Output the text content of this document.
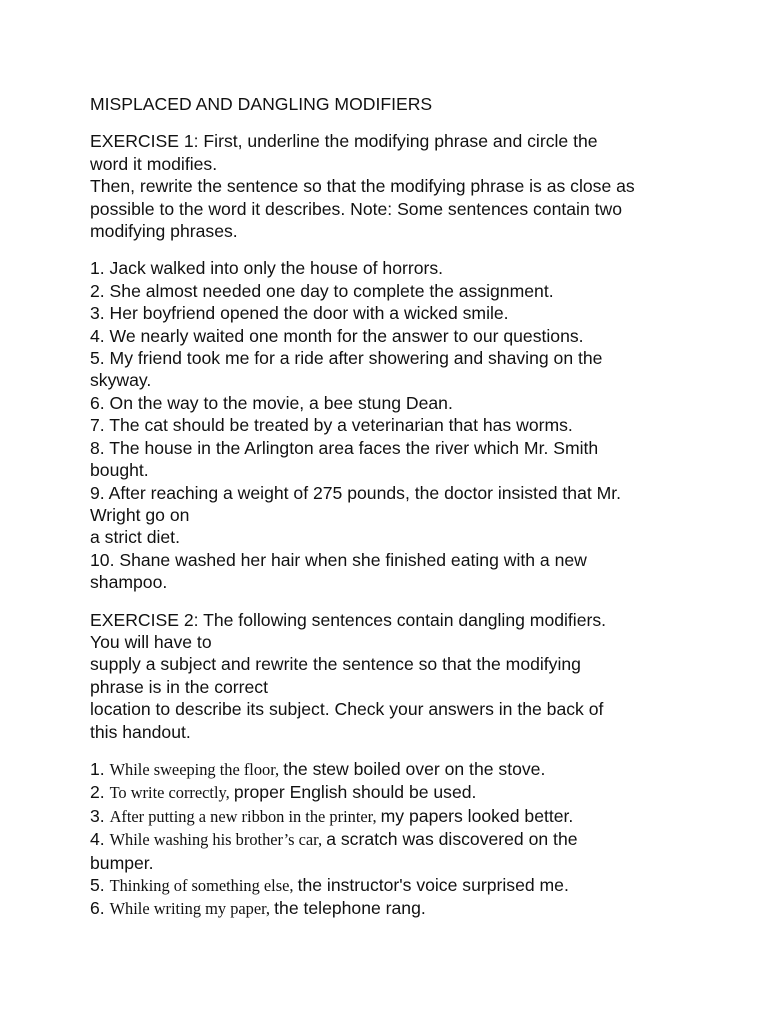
MISPLACED AND DANGLING MODIFIERS
EXERCISE 1: First, underline the modifying phrase and circle the
word it modifies.
Then, rewrite the sentence so that the modifying phrase is as close as
possible to the word it describes. Note: Some sentences contain two
modifying phrases.
1. Jack walked into only the house of horrors.
2. She almost needed one day to complete the assignment.
3. Her boyfriend opened the door with a wicked smile.
4. We nearly waited one month for the answer to our questions.
5. My friend took me for a ride after showering and shaving on the
skyway.
6. On the way to the movie, a bee stung Dean.
7. The cat should be treated by a veterinarian that has worms.
8. The house in the Arlington area faces the river which Mr. Smith
bought.
9. After reaching a weight of 275 pounds, the doctor insisted that Mr.
Wright go on
a strict diet.
10. Shane washed her hair when she finished eating with a new
shampoo.
EXERCISE 2: The following sentences contain dangling modifiers.
You will have to
supply a subject and rewrite the sentence so that the modifying
phrase is in the correct
location to describe its subject. Check your answers in the back of
this handout.
1. While sweeping the floor, the stew boiled over on the stove.
2. To write correctly, proper English should be used.
3. After putting a new ribbon in the printer, my papers looked better.
4. While washing his brother’s car, a scratch was discovered on the
bumper.
5. Thinking of something else, the instructor's voice surprised me.
6. While writing my paper, the telephone rang.
